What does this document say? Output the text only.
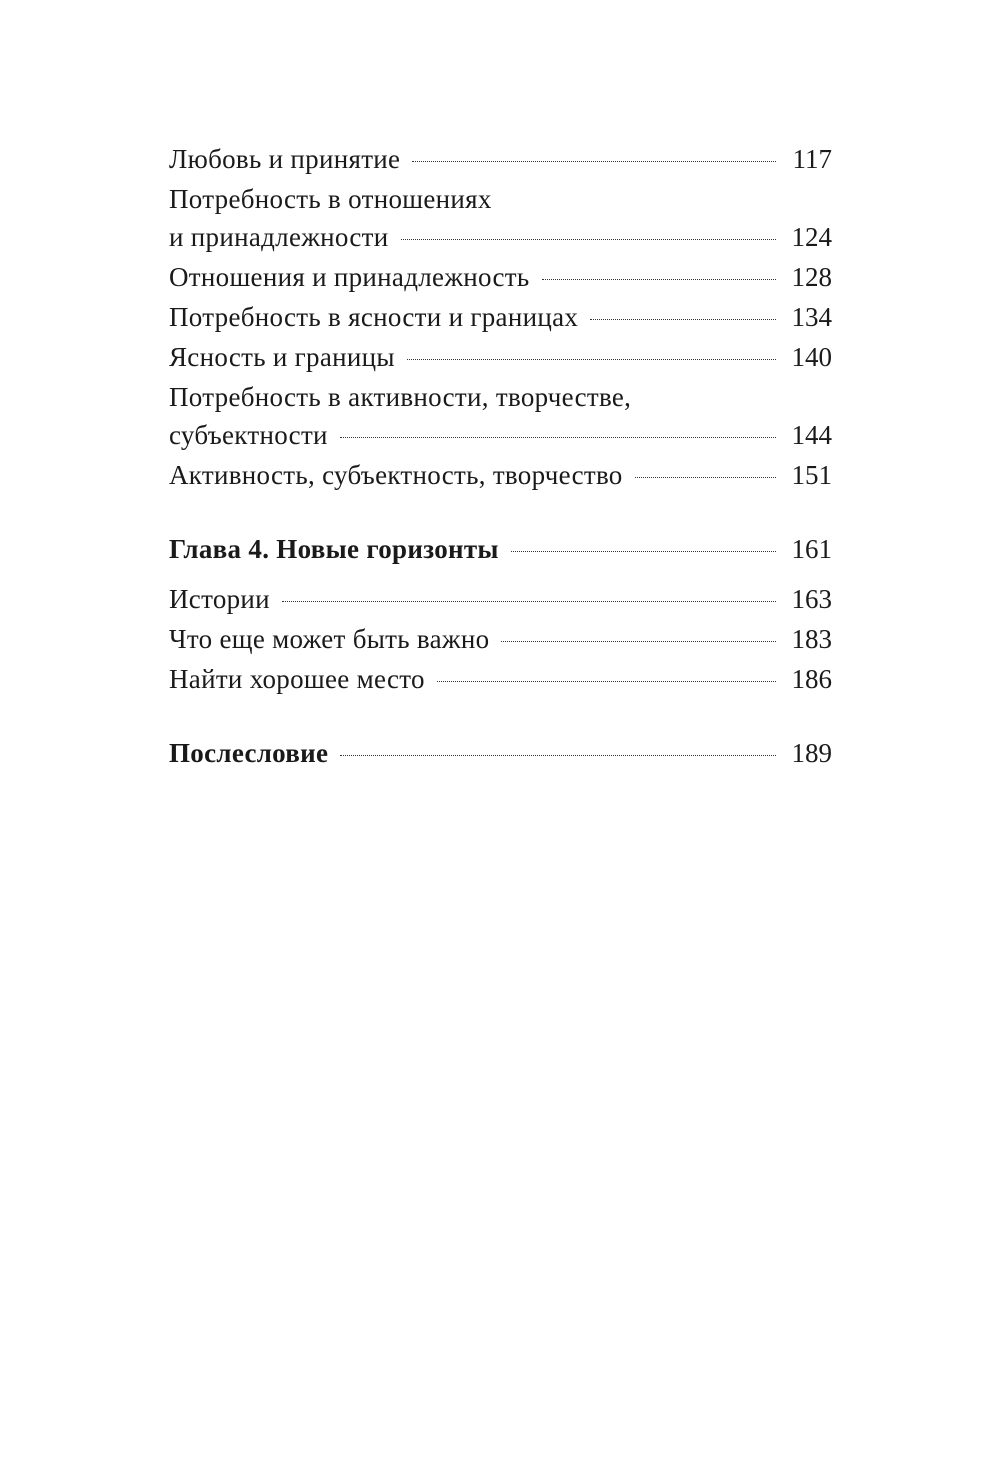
Любовь и принятие	117
Потребность в отношениях
и принадлежности	124
Отношения и принадлежность	128
Потребность в ясности и границах	134
Ясность и границы	140
Потребность в активности, творчестве,
субъектности	144
Активность, субъектность, творчество	151
Глава 4. Новые горизонты	161
Истории	163
Что еще может быть важно	183
Найти хорошее место	186
Послесловие	189
